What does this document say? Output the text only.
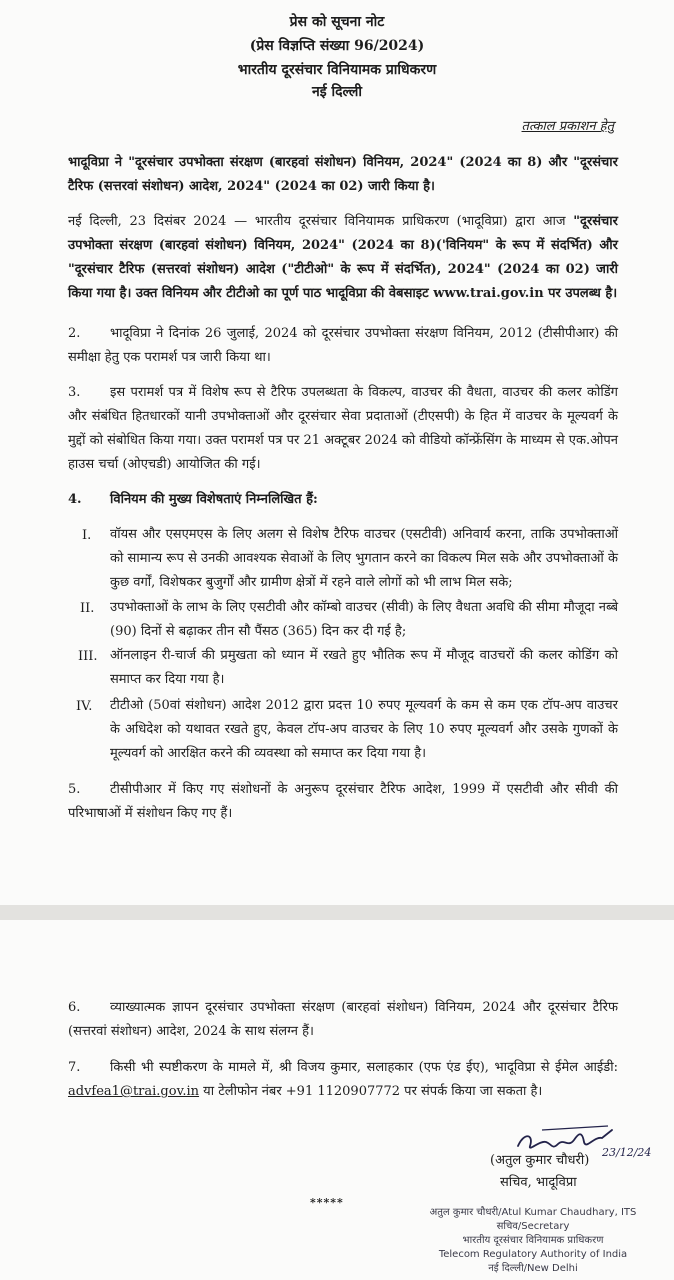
प्रेस को सूचना नोट
(प्रेस विज्ञप्ति संख्या 96/2024)
भारतीय दूरसंचार विनियामक प्राधिकरण
नई दिल्ली
तत्काल प्रकाशन हेतु
भादूविप्रा ने "दूरसंचार उपभोक्ता संरक्षण (बारहवां संशोधन) विनियम, 2024" (2024 का 8) और "दूरसंचार टैरिफ (सत्तरवां संशोधन) आदेश, 2024" (2024 का 02) जारी किया है।
नई दिल्ली, 23 दिसंबर 2024 — भारतीय दूरसंचार विनियामक प्राधिकरण (भादूविप्रा) द्वारा आज "दूरसंचार उपभोक्ता संरक्षण (बारहवां संशोधन) विनियम, 2024" (2024 का 8)('विनियम" के रूप में संदर्भित) और "दूरसंचार टैरिफ (सत्तरवां संशोधन) आदेश ("टीटीओ" के रूप में संदर्भित), 2024" (2024 का 02) जारी किया गया है। उक्त विनियम और टीटीओ का पूर्ण पाठ भादूविप्रा की वेबसाइट www.trai.gov.in पर उपलब्ध है।
2.	भादूविप्रा ने दिनांक 26 जुलाई, 2024 को दूरसंचार उपभोक्ता संरक्षण विनियम, 2012 (टीसीपीआर) की समीक्षा हेतु एक परामर्श पत्र जारी किया था।
3.	इस परामर्श पत्र में विशेष रूप से टैरिफ उपलब्धता के विकल्प, वाउचर की वैधता, वाउचर की कलर कोडिंग और संबंधित हितधारकों यानी उपभोक्ताओं और दूरसंचार सेवा प्रदाताओं (टीएसपी) के हित में वाउचर के मूल्यवर्ग के मुद्दों को संबोधित किया गया। उक्त परामर्श पत्र पर 21 अक्टूबर 2024 को वीडियो कॉन्फ्रेंसिंग के माध्यम से एक.ओपन हाउस चर्चा (ओएचडी) आयोजित की गई।
4. विनियम की मुख्य विशेषताएं निम्नलिखित हैं:
I. वॉयस और एसएमएस के लिए अलग से विशेष टैरिफ वाउचर (एसटीवी) अनिवार्य करना, ताकि उपभोक्ताओं को सामान्य रूप से उनकी आवश्यक सेवाओं के लिए भुगतान करने का विकल्प मिल सके और उपभोक्ताओं के कुछ वर्गों, विशेषकर बुजुर्गों और ग्रामीण क्षेत्रों में रहने वाले लोगों को भी लाभ मिल सके;
II. उपभोक्ताओं के लाभ के लिए एसटीवी और कॉम्बो वाउचर (सीवी) के लिए वैधता अवधि की सीमा मौजूदा नब्बे (90) दिनों से बढ़ाकर तीन सौ पैंसठ (365) दिन कर दी गई है;
III. ऑनलाइन री-चार्ज की प्रमुखता को ध्यान में रखते हुए भौतिक रूप में मौजूद वाउचरों की कलर कोडिंग को समाप्त कर दिया गया है।
IV. टीटीओ (50वां संशोधन) आदेश 2012 द्वारा प्रदत्त 10 रुपए मूल्यवर्ग के कम से कम एक टॉप-अप वाउचर के अधिदेश को यथावत रखते हुए, केवल टॉप-अप वाउचर के लिए 10 रुपए मूल्यवर्ग और उसके गुणकों के मूल्यवर्ग को आरक्षित करने की व्यवस्था को समाप्त कर दिया गया है।
5.	टीसीपीआर में किए गए संशोधनों के अनुरूप दूरसंचार टैरिफ आदेश, 1999 में एसटीवी और सीवी की परिभाषाओं में संशोधन किए गए हैं।
6.	व्याख्यात्मक ज्ञापन दूरसंचार उपभोक्ता संरक्षण (बारहवां संशोधन) विनियम, 2024 और दूरसंचार टैरिफ (सत्तरवां संशोधन) आदेश, 2024 के साथ संलग्न हैं।
7.	किसी भी स्पष्टीकरण के मामले में, श्री विजय कुमार, सलाहकार (एफ एंड ईए), भादूविप्रा से ईमेल आईडी: advfea1@trai.gov.in या टेलीफोन नंबर +91 1120907772 पर संपर्क किया जा सकता है।
23/12/24
(अतुल कुमार चौधरी)
सचिव, भादूविप्रा
*****
अतुल कुमार चौधरी/Atul Kumar Chaudhary, ITS
सचिव/Secretary
भारतीय दूरसंचार विनियामक प्राधिकरण
Telecom Regulatory Authority of India
नई दिल्ली/New Delhi
